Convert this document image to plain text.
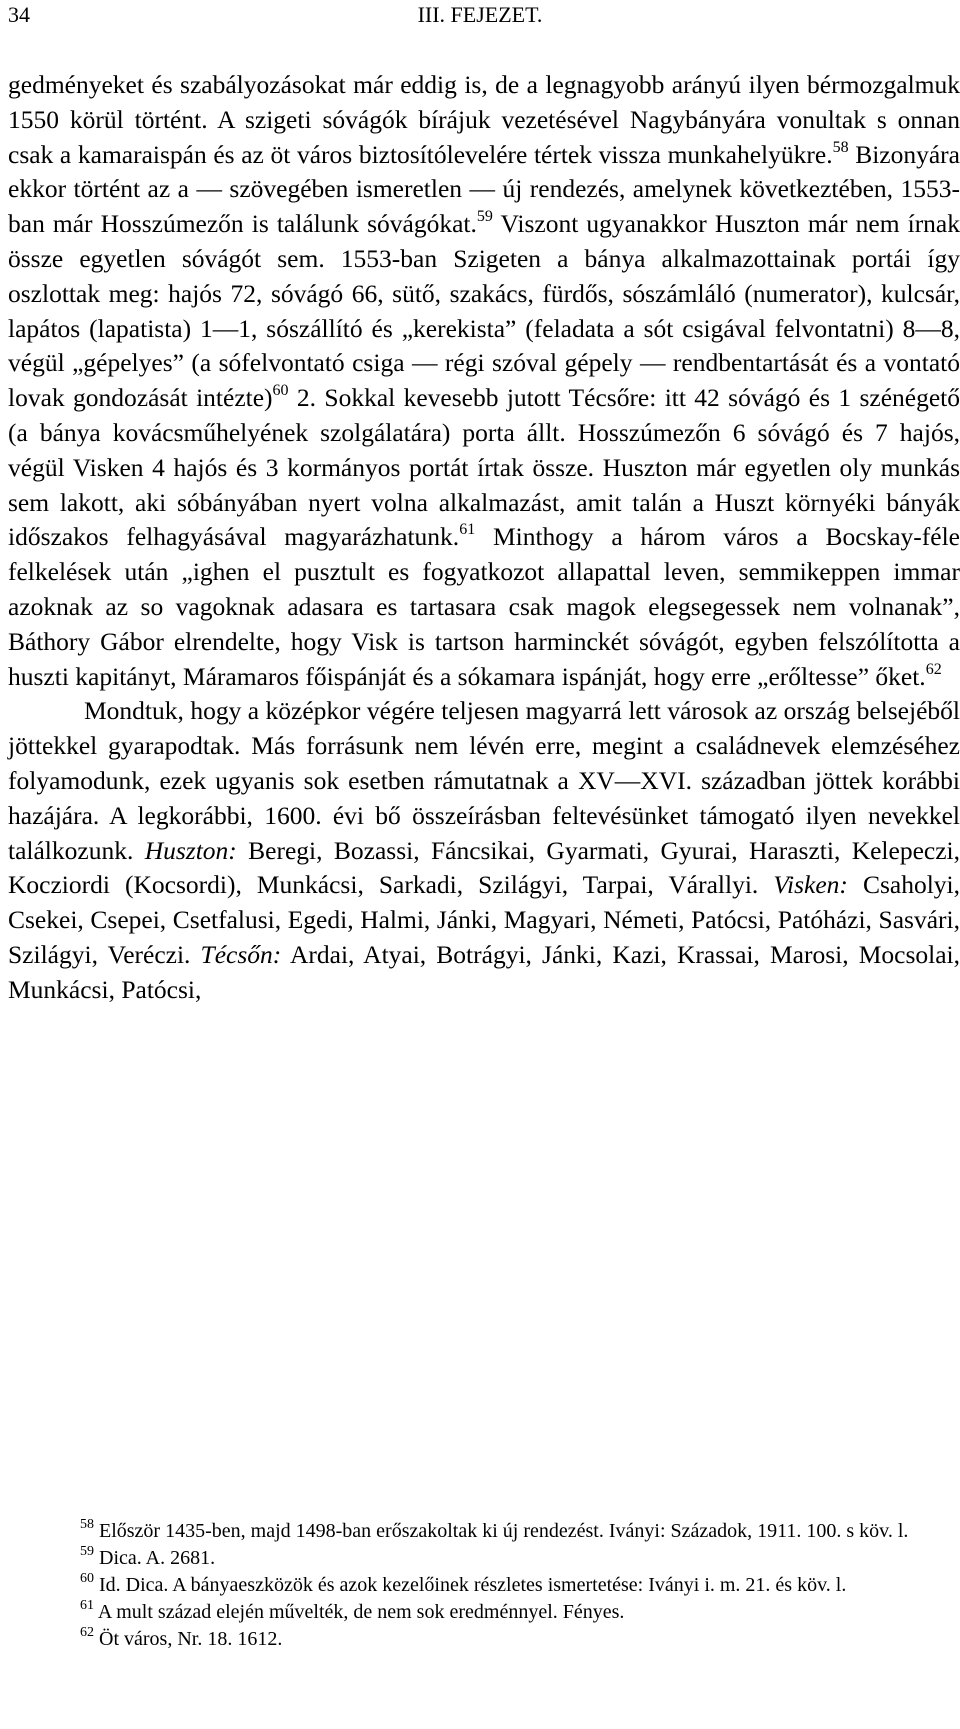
34	III. FEJEZET.

gedményeket és szabályozásokat már eddig is, de a legnagyobb arányú ilyen bérmozgalmuk 1550 körül történt. A szigeti sóvágók bírájuk vezetésével Nagybányára vonultak s onnan csak a kamaraispán és az öt város biztosítólevelére tértek vissza munkahelyükre.$^{58}$ Bizonyára ekkor történt az a — szövegében ismeretlen — új rendezés, amelynek következtében, 1553-ban már Hosszúmezőn is találunk sóvágókat.$^{59}$ Viszont ugyanakkor Huszton már nem írnak össze egyetlen sóvágót sem. 1553-ban Szigeten a bánya alkalmazottainak portái így oszlottak meg: hajós 72, sóvágó 66, sütő, szakács, fürdős, sószámláló (numerator), kulcsár, lapátos (lapatista) 1—1, sószállító és „kerekista” (feladata a sót csigával felvontatni) 8—8, végül „gépelyes” (a sófelvontató csiga — régi szóval gépely — rendbentartását és a vontató lovak gondozását intézte)$^{60}$ 2. Sokkal kevesebb jutott Técsőre: itt 42 sóvágó és 1 szénégető (a bánya kovácsműhelyének szolgálatára) porta állt. Hosszúmezőn 6 sóvágó és 7 hajós, végül Visken 4 hajós és 3 kormányos portát írtak össze. Huszton már egyetlen oly munkás sem lakott, aki sóbányában nyert volna alkalmazást, amit talán a Huszt környéki bányák időszakos felhagyásával magyarázhatunk.$^{61}$ Minthogy a három város a Bocskay-féle felkelések után „ighen el pusztult es fogyatkozot allapattal leven, semmikeppen immar azoknak az so vagoknak adasara es tartasara csak magok elegsegessek nem volnanak”, Báthory Gábor elrendelte, hogy Visk is tartson harminckét sóvágót, egyben felszólította a huszti kapitányt, Máramaros főispánját és a sókamara ispánját, hogy erre „erőltesse” őket.$^{62}$

Mondtuk, hogy a középkor végére teljesen magyarrá lett városok az ország belsejéből jöttekkel gyarapodtak. Más forrásunk nem lévén erre, megint a családnevek elemzéséhez folyamodunk, ezek ugyanis sok esetben rámutatnak a XV—XVI. században jöttek korábbi hazájára. A legkorábbi, 1600. évi bő összeírásban feltevésünket támogató ilyen nevekkel találkozunk. Huszton: Beregi, Bozassi, Fáncsikai, Gyarmati, Gyurai, Haraszti, Kelepeczi, Kocziordi (Kocsordi), Munkácsi, Sarkadi, Szilágyi, Tarpai, Várallyi. Visken: Csaholyi, Csekei, Csepei, Csetfalusi, Egedi, Halmi, Jánki, Magyari, Németi, Patócsi, Patóházi, Sasvári, Szilágyi, Veréczi. Técsőn: Ardai, Atyai, Botrágyi, Jánki, Kazi, Krassai, Marosi, Mocsolai, Munkácsi, Patócsi,

$^{58}$ Először 1435-ben, majd 1498-ban erőszakoltak ki új rendezést. Iványi: Századok, 1911. 100. s köv. l.

$^{59}$ Dica. A. 2681.

$^{60}$ Id. Dica. A bányaeszközök és azok kezelőinek részletes ismertetése: Iványi i. m. 21. és köv. l.

$^{61}$ A mult század elején művelték, de nem sok eredménnyel. Fényes.

$^{62}$ Öt város, Nr. 18. 1612.
